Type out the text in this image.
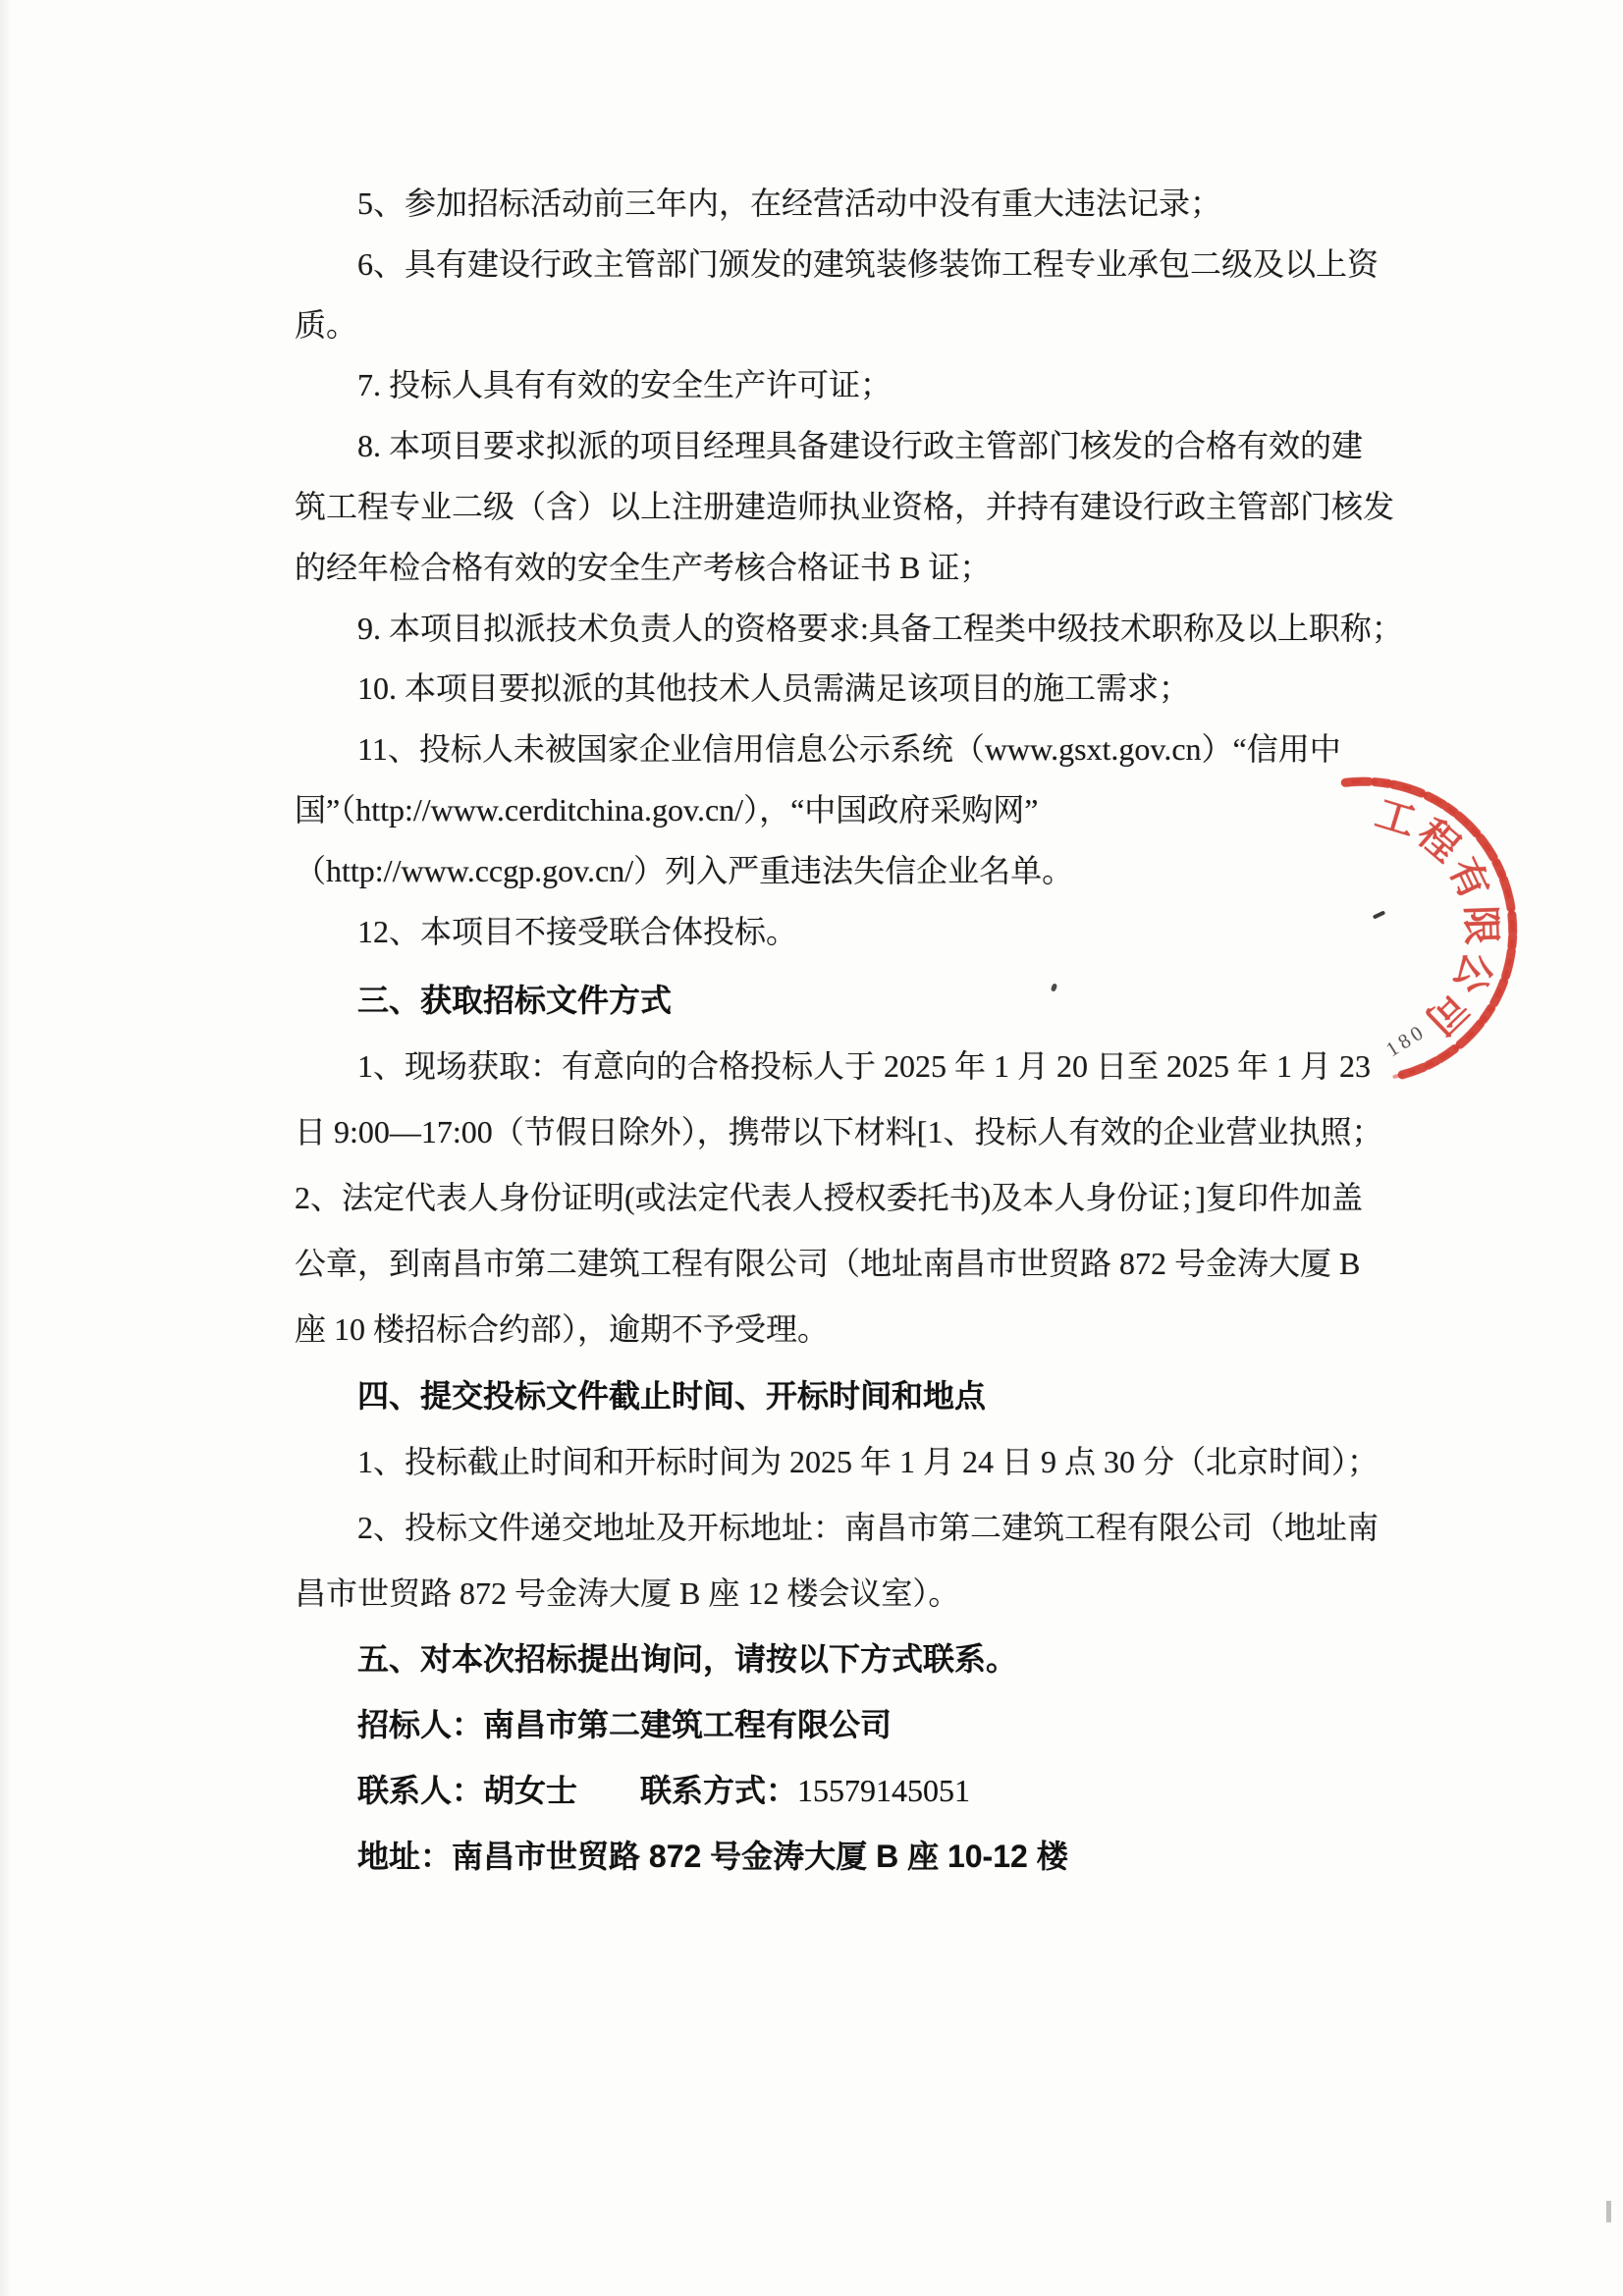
5、参加招标活动前三年内，在经营活动中没有重大违法记录；
6、具有建设行政主管部门颁发的建筑装修装饰工程专业承包二级及以上资
质。
7. 投标人具有有效的安全生产许可证；
8. 本项目要求拟派的项目经理具备建设行政主管部门核发的合格有效的建
筑工程专业二级（含）以上注册建造师执业资格，并持有建设行政主管部门核发
的经年检合格有效的安全生产考核合格证书 B 证；
9. 本项目拟派技术负责人的资格要求:具备工程类中级技术职称及以上职称；
10. 本项目要拟派的其他技术人员需满足该项目的施工需求；
11、投标人未被国家企业信用信息公示系统（www.gsxt.gov.cn）“信用中
国”（http://www.cerditchina.gov.cn/），“中国政府采购网”
（http://www.ccgp.gov.cn/）列入严重违法失信企业名单。
12、本项目不接受联合体投标。
三、获取招标文件方式
1、现场获取：有意向的合格投标人于 2025 年 1 月 20 日至 2025 年 1 月 23
日 9:00—17:00（节假日除外），携带以下材料[1、投标人有效的企业营业执照；
2、法定代表人身份证明(或法定代表人授权委托书)及本人身份证；]复印件加盖
公章，到南昌市第二建筑工程有限公司（地址南昌市世贸路 872 号金涛大厦 B
座 10 楼招标合约部），逾期不予受理。
四、提交投标文件截止时间、开标时间和地点
1、投标截止时间和开标时间为 2025 年 1 月 24 日 9 点 30 分（北京时间）；
2、投标文件递交地址及开标地址：南昌市第二建筑工程有限公司（地址南
昌市世贸路 872 号金涛大厦 B 座 12 楼会议室）。
五、对本次招标提出询问，请按以下方式联系。
招标人：南昌市第二建筑工程有限公司
联系人：胡女士　　联系方式：15579145051
地址：南昌市世贸路 872 号金涛大厦 B 座 10-12 楼
工程有限公司
180
